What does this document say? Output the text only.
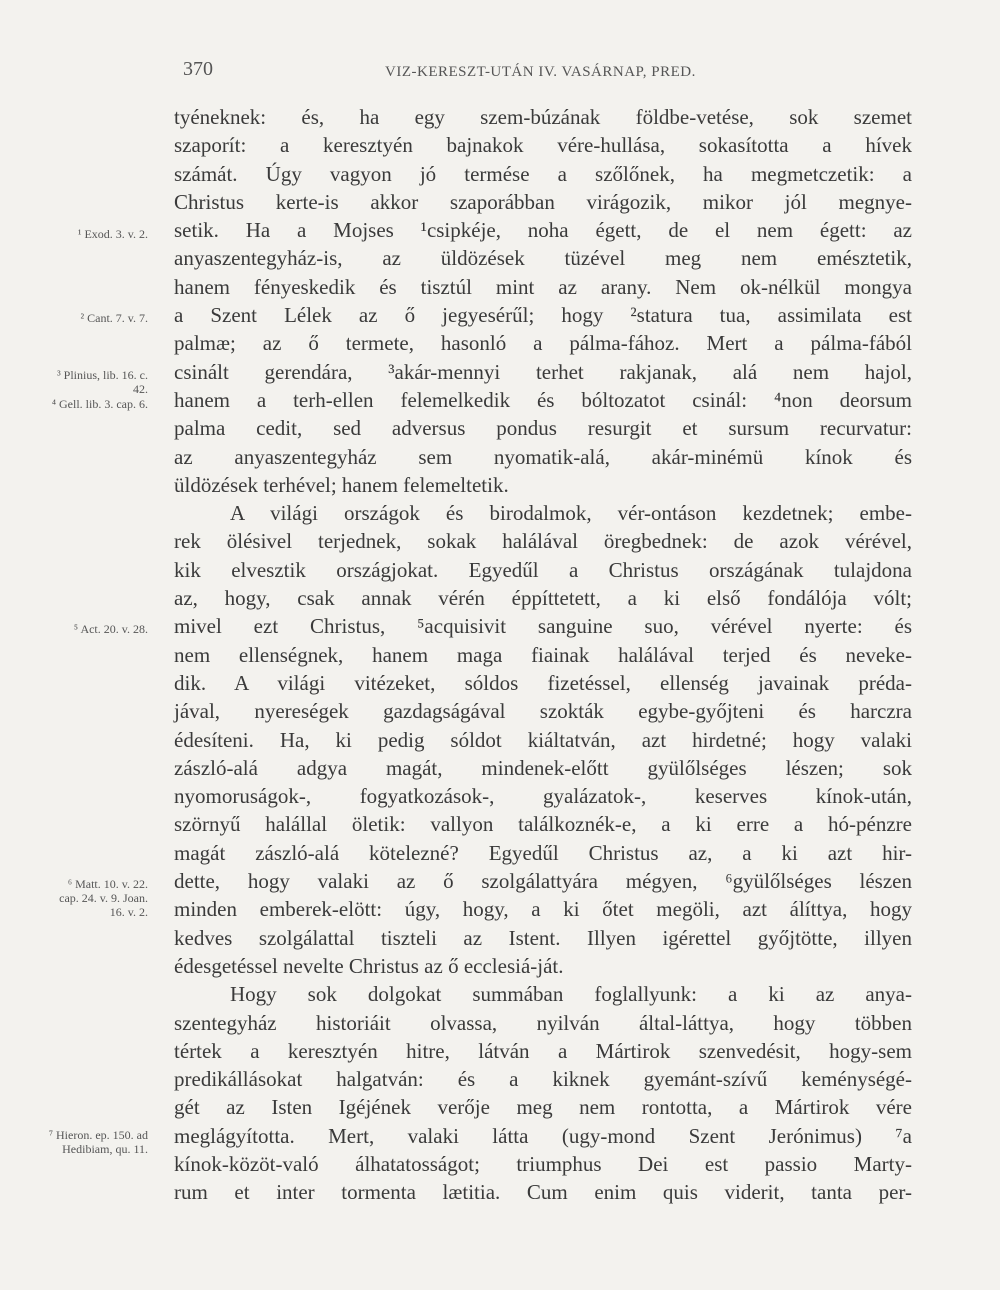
370	VIZ-KERESZT-UTÁN IV. VASÁRNAP, PRED.
tyéneknek: és, ha egy szem-búzának földbe-vetése, sok szemet
szaporít: a keresztyén bajnakok vére-hullása, sokasította a hívek
számát. Úgy vagyon jó termése a szőlőnek, ha megmetczetik: a
Christus kerte-is akkor szaporábban virágozik, mikor jól megnye-
setik. Ha a Mojses ¹csipkéje, noha égett, de el nem égett: az
anyaszentegyház-is, az üldözések tüzével meg nem emésztetik,
hanem fényeskedik és tisztúl mint az arany. Nem ok-nélkül mongya
a Szent Lélek az ő jegyesérűl; hogy ²statura tua, assimilata est
palmæ; az ő termete, hasonló a pálma-fához. Mert a pálma-fából
csinált gerendára, ³akár-mennyi terhet rakjanak, alá nem hajol,
hanem a terh-ellen felemelkedik és bóltozatot csinál: ⁴non deorsum
palma cedit, sed adversus pondus resurgit et sursum recurvatur:
az anyaszentegyház sem nyomatik-alá, akár-minémü kínok és
üldözések terhével; hanem felemeltetik.
A világi országok és birodalmok, vér-ontáson kezdetnek; embe-
rek ölésivel terjednek, sokak halálával öregbednek: de azok vérével,
kik elvesztik országjokat. Egyedűl a Christus országának tulajdona
az, hogy, csak annak vérén éppíttetett, a ki első fondálója vólt;
mivel ezt Christus, ⁵acquisivit sanguine suo, vérével nyerte: és
nem ellenségnek, hanem maga fiainak halálával terjed és neveke-
dik. A világi vitézeket, sóldos fizetéssel, ellenség javainak préda-
jával, nyereségek gazdagságával szokták egybe-győjteni és harczra
édesíteni. Ha, ki pedig sóldot kiáltatván, azt hirdetné; hogy valaki
zászló-alá adgya magát, mindenek-előtt gyülőlséges lészen; sok
nyomoruságok-, fogyatkozások-, gyalázatok-, keserves kínok-után,
szörnyű halállal öletik: vallyon találkoznék-e, a ki erre a hó-pénzre
magát zászló-alá kötelezné? Egyedűl Christus az, a ki azt hir-
dette, hogy valaki az ő szolgálattyára mégyen, ⁶gyülőlséges lészen
minden emberek-elött: úgy, hogy, a ki őtet megöli, azt álíttya, hogy
kedves szolgálattal tiszteli az Istent. Illyen igérettel győjtötte, illyen
édesgetéssel nevelte Christus az ő ecclesiá-ját.
Hogy sok dolgokat summában foglallyunk: a ki az anya-
szentegyház historiáit olvassa, nyilván által-láttya, hogy többen
tértek a keresztyén hitre, látván a Mártirok szenvedésit, hogy-sem
predikállásokat halgatván: és a kiknek gyemánt-szívű keménységé-
gét az Isten Igéjének verője meg nem rontotta, a Mártirok vére
meglágyította. Mert, valaki látta (ugy-mond Szent Jerónimus) ⁷a
kínok-közöt-való álhatatosságot; triumphus Dei est passio Marty-
rum et inter tormenta lætitia. Cum enim quis viderit, tanta per-
¹ Exod. 3. v. 2.
² Cant. 7. v. 7.
³ Plinius, lib. 16. c. 42.
⁴ Gell. lib. 3. cap. 6.
⁵ Act. 20. v. 28.
⁶ Matt. 10. v. 22. cap. 24. v. 9. Joan. 16. v. 2.
⁷ Hieron. ep. 150. ad Hedibiam, qu. 11.
